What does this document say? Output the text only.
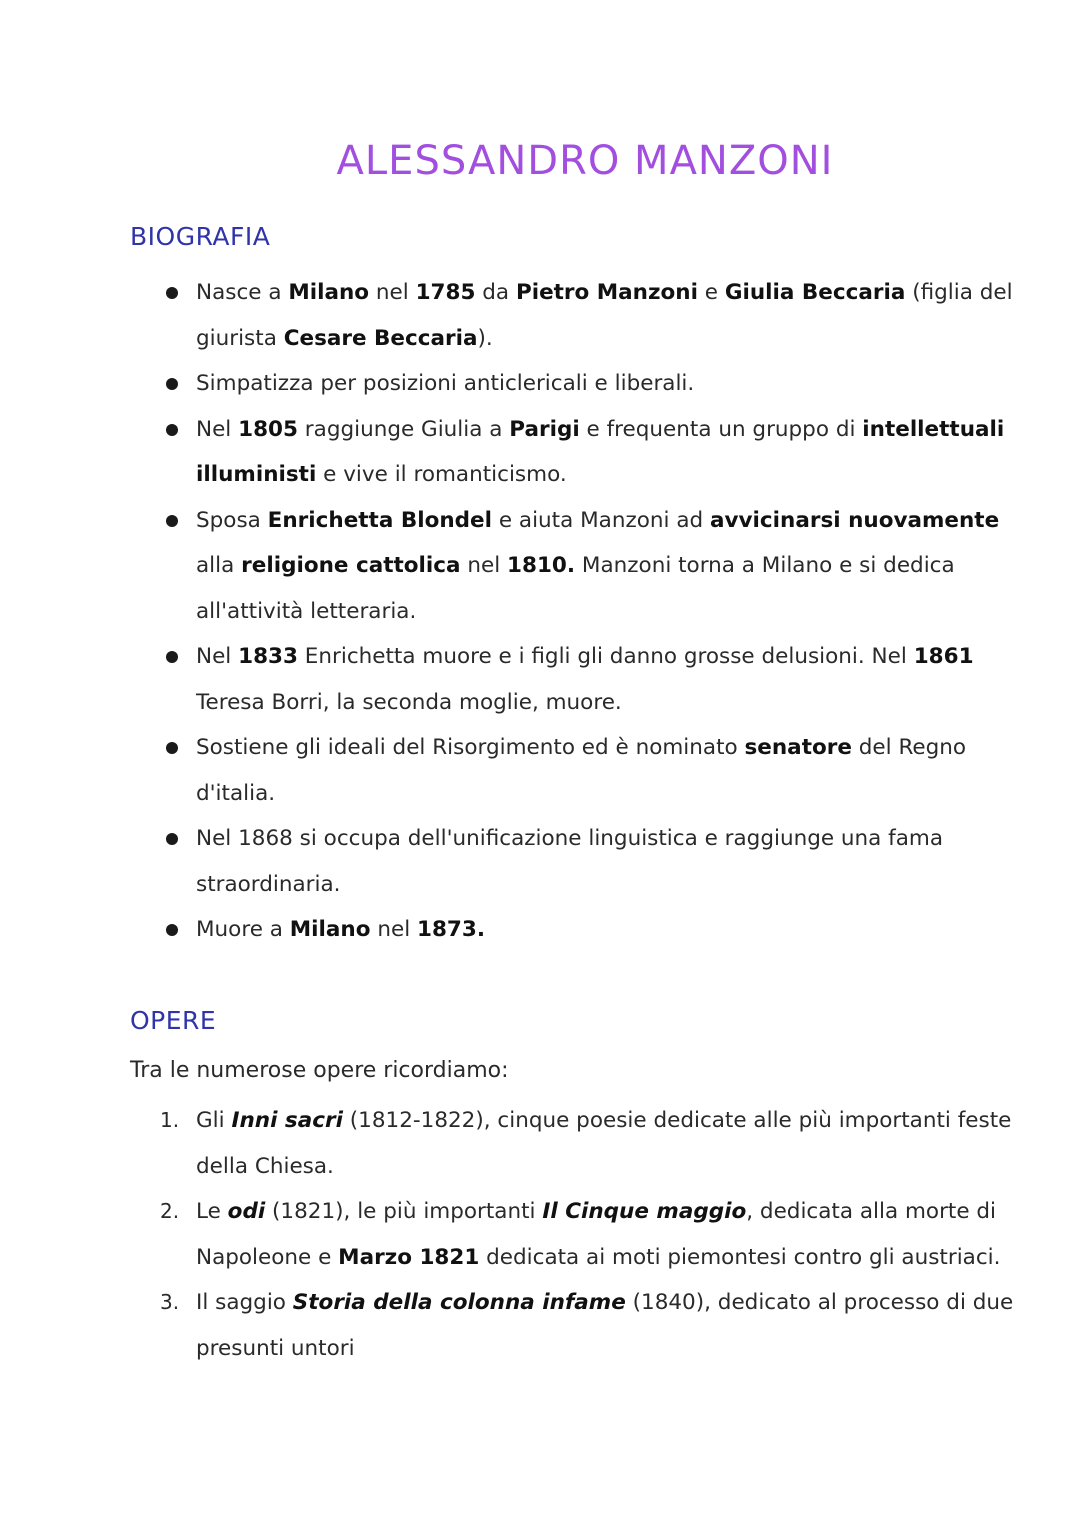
ALESSANDRO MANZONI
BIOGRAFIA
Nasce a Milano nel 1785 da Pietro Manzoni e Giulia Beccaria (figlia del giurista Cesare Beccaria).
Simpatizza per posizioni anticlericali e liberali.
Nel 1805 raggiunge Giulia a Parigi e frequenta un gruppo di intellettuali illuministi e vive il romanticismo.
Sposa Enrichetta Blondel e aiuta Manzoni ad avvicinarsi nuovamente alla religione cattolica nel 1810. Manzoni torna a Milano e si dedica all'attività letteraria.
Nel 1833 Enrichetta muore e i figli gli danno grosse delusioni. Nel 1861 Teresa Borri, la seconda moglie, muore.
Sostiene gli ideali del Risorgimento ed è nominato senatore del Regno d'italia.
Nel 1868 si occupa dell'unificazione linguistica e raggiunge una fama straordinaria.
Muore a Milano nel 1873.
OPERE

Tra le numerose opere ricordiamo:

1. Gli Inni sacri (1812-1822), cinque poesie dedicate alle più importanti feste della Chiesa.
2. Le odi (1821), le più importanti Il Cinque maggio, dedicata alla morte di Napoleone e Marzo 1821 dedicata ai moti piemontesi contro gli austriaci.
3. Il saggio Storia della colonna infame (1840), dedicato al processo di due presunti untori
